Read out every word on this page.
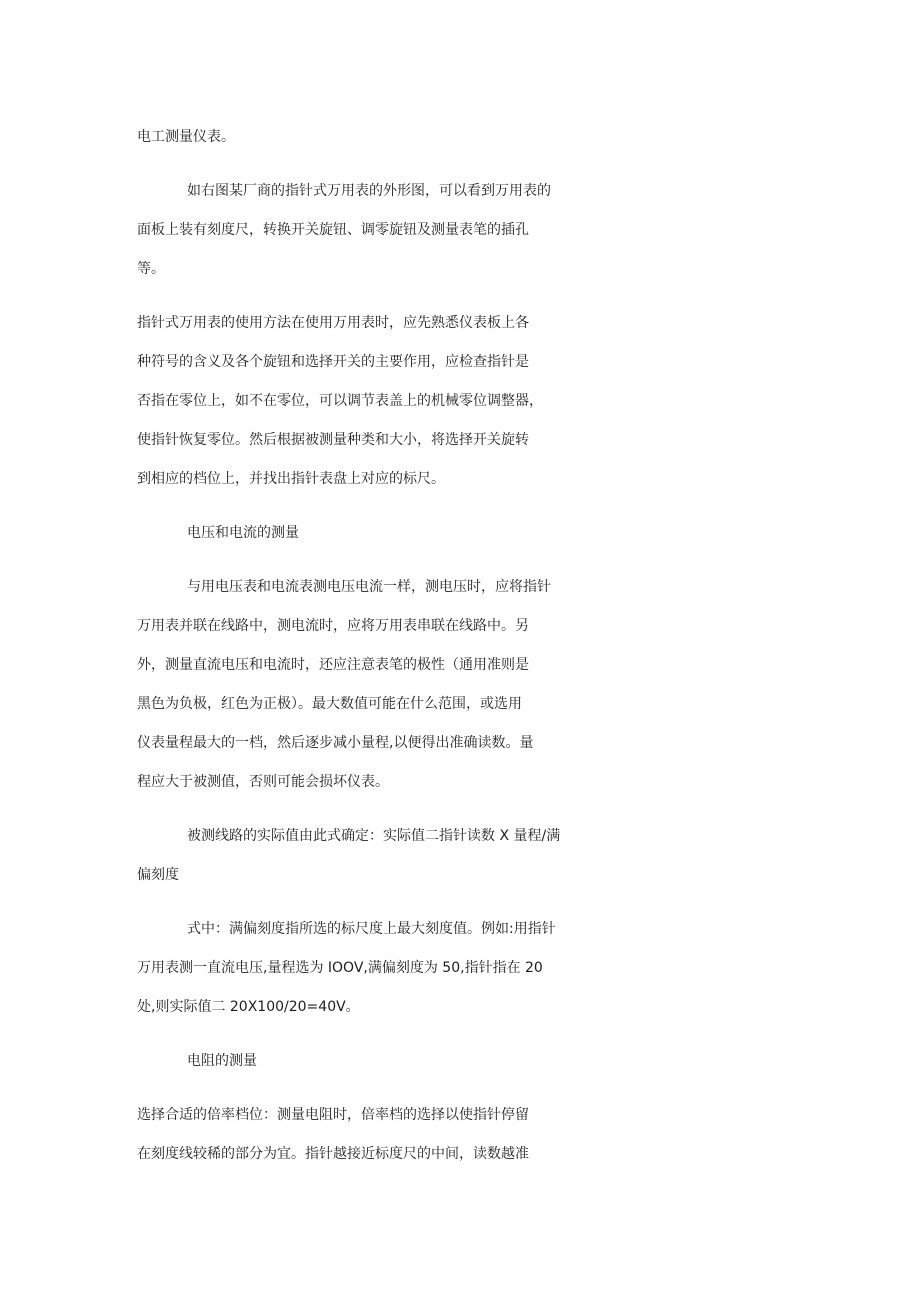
电工测量仪表。
如右图某厂商的指针式万用表的外形图，可以看到万用表的
面板上装有刻度尺，转换开关旋钮、调零旋钮及测量表笔的插孔
等。
指针式万用表的使用方法在使用万用表时，应先熟悉仪表板上各
种符号的含义及各个旋钮和选择开关的主要作用，应检查指针是
否指在零位上，如不在零位，可以调节表盖上的机械零位调整器，
使指针恢复零位。然后根据被测量种类和大小，将选择开关旋转
到相应的档位上，并找出指针表盘上对应的标尺。
电压和电流的测量
与用电压表和电流表测电压电流一样，测电压时，应将指针
万用表并联在线路中，测电流时，应将万用表串联在线路中。另
外，测量直流电压和电流时，还应注意表笔的极性（通用准则是
黑色为负极，红色为正极）。最大数值可能在什么范围，或选用
仪表量程最大的一档，然后逐步减小量程,以便得出准确读数。量
程应大于被测值，否则可能会损坏仪表。
被测线路的实际值由此式确定：实际值二指针读数 X 量程/满
偏刻度
式中：满偏刻度指所选的标尺度上最大刻度值。例如:用指针
万用表测一直流电压,量程选为 IOOV,满偏刻度为 50,指针指在 20
处,则实际值二 20X100/20=40V。
电阻的测量
选择合适的倍率档位：测量电阻时，倍率档的选择以使指针停留
在刻度线较稀的部分为宜。指针越接近标度尺的中间，读数越准
